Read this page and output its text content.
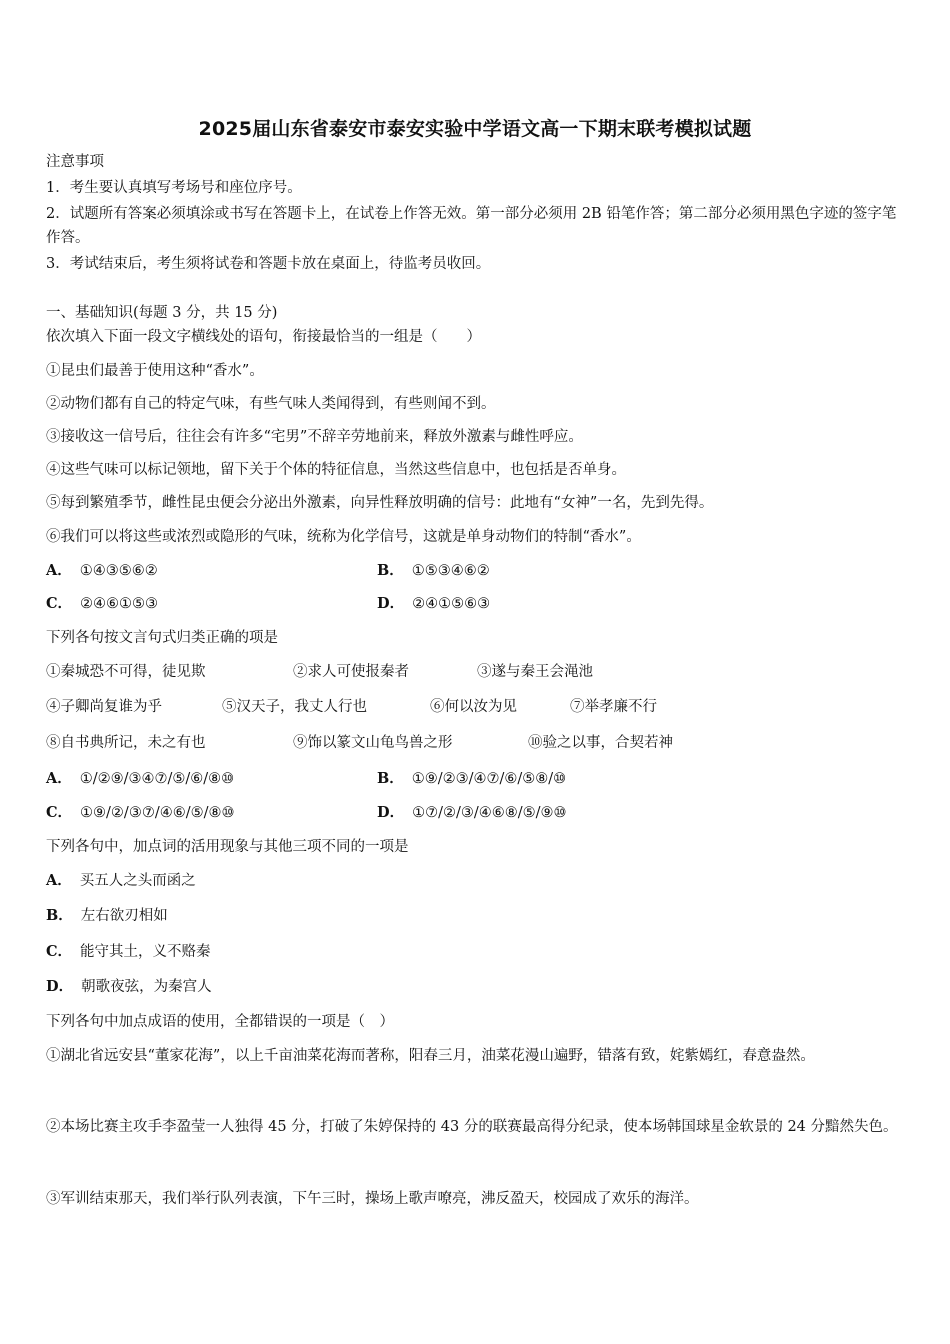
2025届山东省泰安市泰安实验中学语文高一下期末联考模拟试题
注意事项
1．考生要认真填写考场号和座位序号。
2．试题所有答案必须填涂或书写在答题卡上，在试卷上作答无效。第一部分必须用 2B 铅笔作答；第二部分必须用黑色字迹的签字笔作答。
3．考试结束后，考生须将试卷和答题卡放在桌面上，待监考员收回。
一、基础知识(每题 3 分，共 15 分)
依次填入下面一段文字横线处的语句，衔接最恰当的一组是（　　）
①昆虫们最善于使用这种“香水”。
②动物们都有自己的特定气味，有些气味人类闻得到，有些则闻不到。
③接收这一信号后，往往会有许多“宅男”不辞辛劳地前来，释放外激素与雌性呼应。
④这些气味可以标记领地，留下关于个体的特征信息，当然这些信息中，也包括是否单身。
⑤每到繁殖季节，雌性昆虫便会分泌出外激素，向异性释放明确的信号：此地有“女神”一名，先到先得。
⑥我们可以将这些或浓烈或隐形的气味，统称为化学信号，这就是单身动物们的特制“香水”。
A． ①④③⑤⑥②	B． ①⑤③④⑥②
C． ②④⑥①⑤③	D． ②④①⑤⑥③
下列各句按文言句式归类正确的项是
①秦城恐不可得，徒见欺	②求人可使报秦者	③遂与秦王会渑池
④子卿尚复谁为乎	⑤汉天子，我丈人行也	⑥何以汝为见	⑦举孝廉不行
⑧自书典所记，未之有也	⑨饰以篆文山龟鸟兽之形	⑩验之以事，合契若神
A． ①/②⑨/③④⑦/⑤/⑥/⑧⑩	B． ①⑨/②③/④⑦/⑥/⑤⑧/⑩
C． ①⑨/②/③⑦/④⑥/⑤/⑧⑩	D． ①⑦/②/③/④⑥⑧/⑤/⑨⑩
下列各句中，加点词的活用现象与其他三项不同的一项是
A． 买五人之头而函之
B． 左右欲刃相如
C． 能守其土，义不赂秦
D． 朝歌夜弦，为秦宫人
下列各句中加点成语的使用，全都错误的一项是（　）
①湖北省远安县“董家花海”，以上千亩油菜花海而著称，阳春三月，油菜花漫山遍野，错落有致，姹紫嫣红，春意盎然。
②本场比赛主攻手李盈莹一人独得 45 分，打破了朱婷保持的 43 分的联赛最高得分纪录，使本场韩国球星金软景的 24 分黯然失色。
③军训结束那天，我们举行队列表演，下午三时，操场上歌声嘹亮，沸反盈天，校园成了欢乐的海洋。
